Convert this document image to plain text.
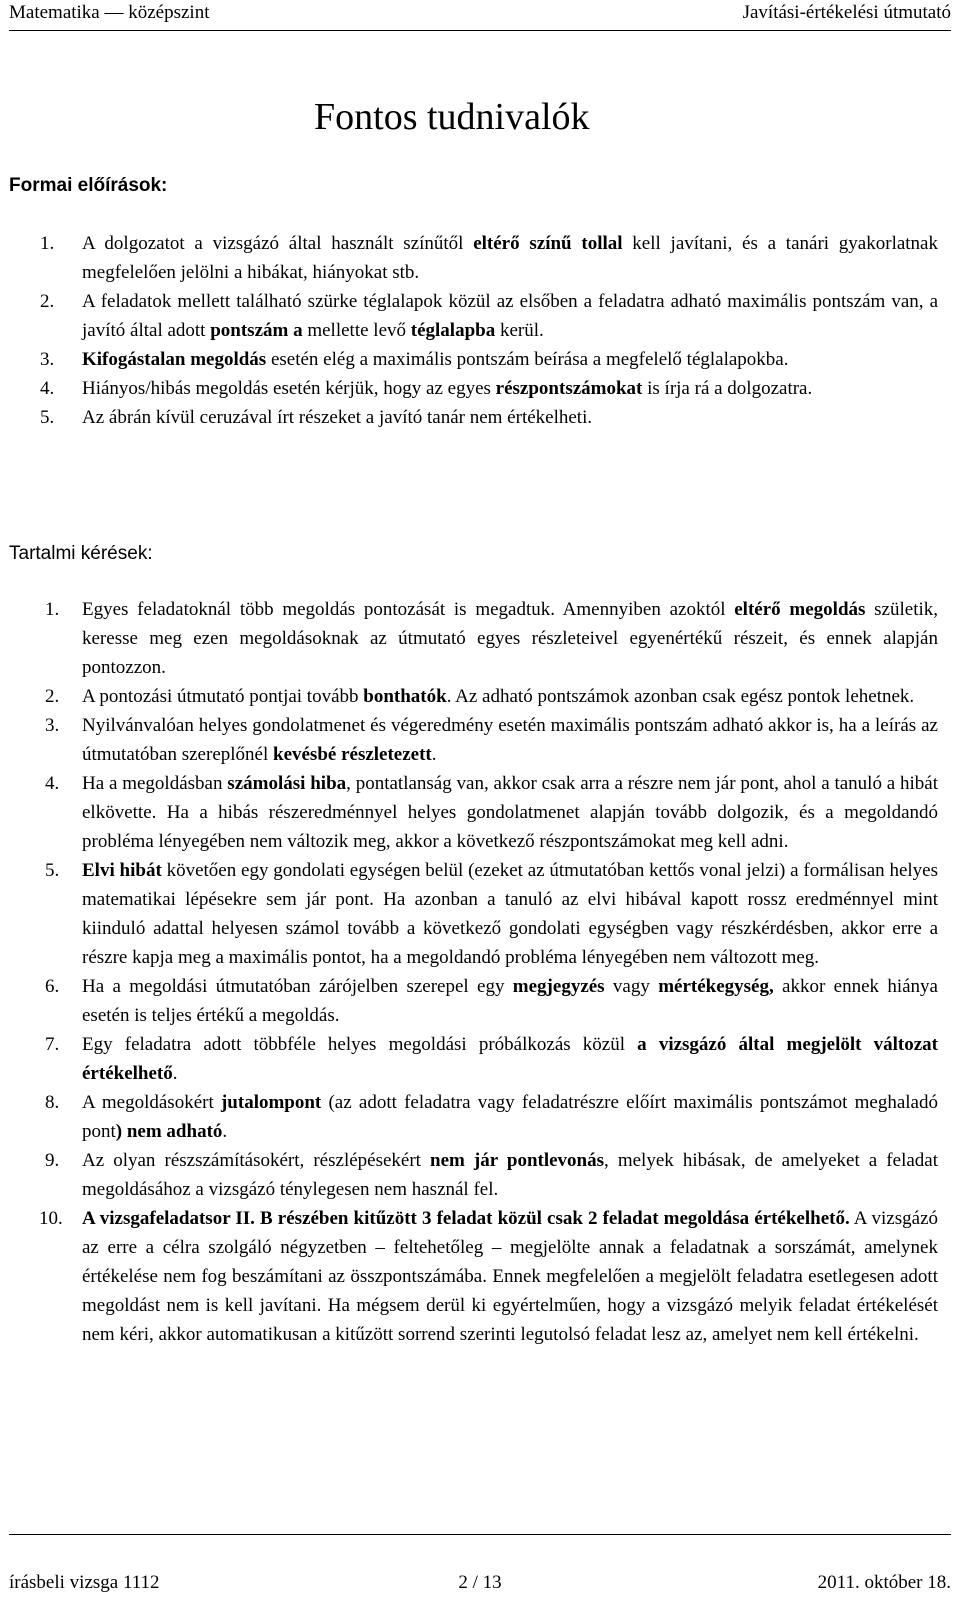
Matematika — középszint	Javítási-értékelési útmutató
Fontos tudnivalók
Formai előírások:
1.	A dolgozatot a vizsgázó által használt színűtől eltérő színű tollal kell javítani, és a tanári gyakorlatnak megfelelően jelölni a hibákat, hiányokat stb.
2.	A feladatok mellett található szürke téglalapok közül az elsőben a feladatra adható maximális pontszám van, a javító által adott pontszám a mellette levő téglalapba kerül.
3.	Kifogástalan megoldás esetén elég a maximális pontszám beírása a megfelelő téglalapokba.
4.	Hiányos/hibás megoldás esetén kérjük, hogy az egyes részpontszámokat is írja rá a dolgozatra.
5.	Az ábrán kívül ceruzával írt részeket a javító tanár nem értékelheti.
Tartalmi kérések:
1.	Egyes feladatoknál több megoldás pontozását is megadtuk. Amennyiben azoktól eltérő megoldás születik, keresse meg ezen megoldásoknak az útmutató egyes részleteivel egyenértékű részeit, és ennek alapján pontozzon.
2.	A pontozási útmutató pontjai tovább bonthatók. Az adható pontszámok azonban csak egész pontok lehetnek.
3.	Nyilvánvalóan helyes gondolatmenet és végeredmény esetén maximális pontszám adható akkor is, ha a leírás az útmutatóban szereplőnél kevésbé részletezett.
4.	Ha a megoldásban számolási hiba, pontatlanság van, akkor csak arra a részre nem jár pont, ahol a tanuló a hibát elkövette. Ha a hibás részeredménnyel helyes gondolatmenet alapján tovább dolgozik, és a megoldandó probléma lényegében nem változik meg, akkor a következő részpontszámokat meg kell adni.
5.	Elvi hibát követően egy gondolati egységen belül (ezeket az útmutatóban kettős vonal jelzi) a formálisan helyes matematikai lépésekre sem jár pont. Ha azonban a tanuló az elvi hibával kapott rossz eredménnyel mint kiinduló adattal helyesen számol tovább a következő gondolati egységben vagy részkérdésben, akkor erre a részre kapja meg a maximális pontot, ha a megoldandó probléma lényegében nem változott meg.
6.	Ha a megoldási útmutatóban zárójelben szerepel egy megjegyzés vagy mértékegység, akkor ennek hiánya esetén is teljes értékű a megoldás.
7.	Egy feladatra adott többféle helyes megoldási próbálkozás közül a vizsgázó által megjelölt változat értékelhető.
8.	A megoldásokért jutalompont (az adott feladatra vagy feladatrészre előírt maximális pontszámot meghaladó pont) nem adható.
9.	Az olyan részszámításokért, részlépésekért nem jár pontlevonás, melyek hibásak, de amelyeket a feladat megoldásához a vizsgázó ténylegesen nem használ fel.
10.	A vizsgafeladatsor II. B részében kitűzött 3 feladat közül csak 2 feladat megoldása értékelhető. A vizsgázó az erre a célra szolgáló négyzetben – feltehetőleg – megjelölte annak a feladatnak a sorszámát, amelynek értékelése nem fog beszámítani az összpontszámába. Ennek megfelelően a megjelölt feladatra esetlegesen adott megoldást nem is kell javítani. Ha mégsem derül ki egyértelműen, hogy a vizsgázó melyik feladat értékelését nem kéri, akkor automatikusan a kitűzött sorrend szerinti legutolsó feladat lesz az, amelyet nem kell értékelni.
írásbeli vizsga 1112	2 / 13	2011. október 18.
